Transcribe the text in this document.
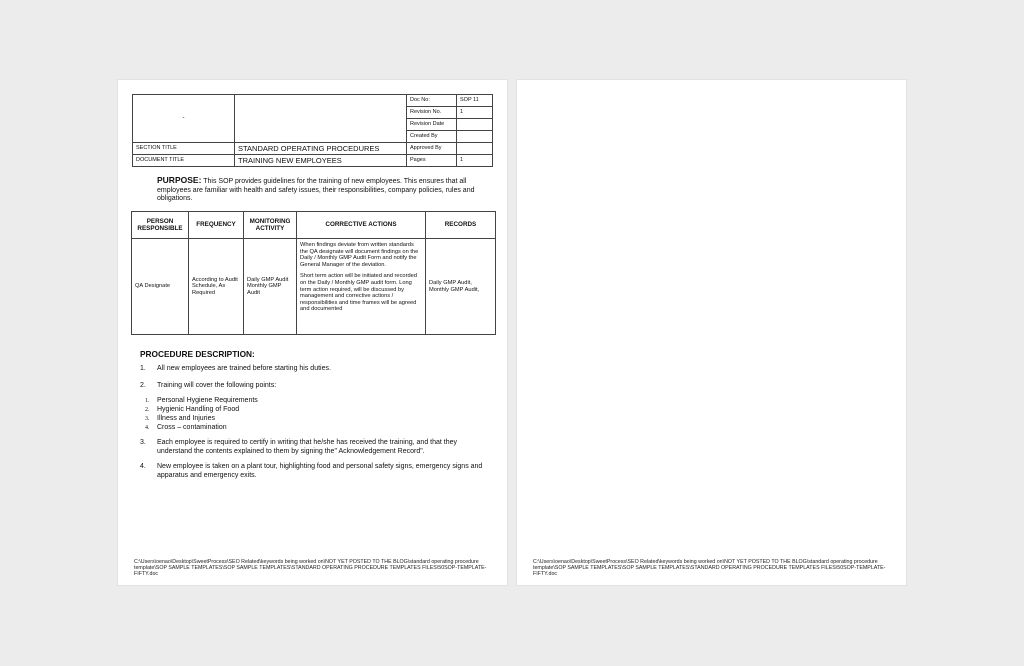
-		Doc No:	SOP 11
		Revision No.	1
		Revision Date	
		Created By	
SECTION TITLE	STANDARD OPERATING PROCEDURES	Approved By	
DOCUMENT TITLE	TRAINING NEW EMPLOYEES	Pages	1
PURPOSE: This SOP provides guidelines for the training of new employees. This ensures that all employees are familiar with health and safety issues, their responsibilities, company policies, rules and obligations.
PERSON RESPONSIBLE	FREQUENCY	MONITORING ACTIVITY	CORRECTIVE ACTIONS	RECORDS
QA Designate	According to Audit Schedule, As Required	Daily GMP Audit Monthly GMP Audit	When findings deviate from written standards the QA designate will document findings on the Daily / Monthly GMP Audit Form and notify the General Manager of the deviation.

Short term action will be initiated and recorded on the Daily / Monthly GMP audit form. Long term action required, will be discussed by management and corrective actions / responsibilities and time frames will be agreed and documented	Daily GMP Audit, Monthly GMP Audit,
PROCEDURE DESCRIPTION:
1. All new employees are trained before starting his duties.
2. Training will cover the following points:
1. Personal Hygiene Requirements
2. Hygienic Handling of Food
3. Illness and Injuries
4. Cross – contamination
3. Each employee is required to certify in writing that he/she has received the training, and that they understand the contents explained to them by signing the" Acknowledgement Record".
4. New employee is taken on a plant tour, highlighting food and personal safety signs, emergency signs and apparatus and emergency exits.
C:\Users\oenao\Desktop\SweetProcess\SEO Related\keywords being worked on\NOT YET POSTED TO THE BLOG\standard operating procedure template\SOP SAMPLE TEMPLATES\SOP SAMPLE TEMPLATES\STANDARD OPERATING PROCEDURE TEMPLATES FILES\50SOP-TEMPLATE-FIFTY.doc
C:\Users\oenao\Desktop\SweetProcess\SEO Related\keywords being worked on\NOT YET POSTED TO THE BLOG\standard operating procedure template\SOP SAMPLE TEMPLATES\SOP SAMPLE TEMPLATES\STANDARD OPERATING PROCEDURE TEMPLATES FILES\50SOP-TEMPLATE-FIFTY.doc
